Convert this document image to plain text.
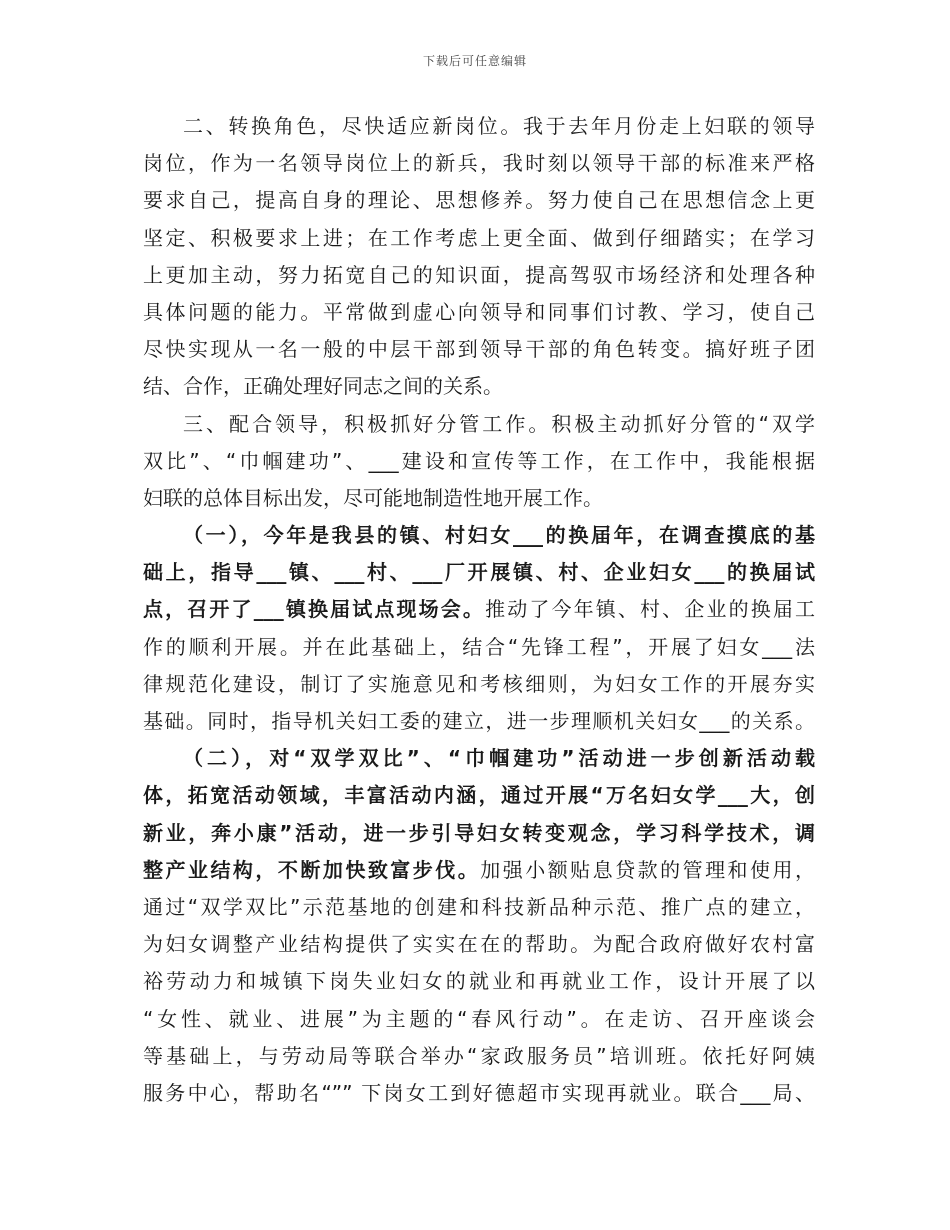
下载后可任意编辑
二、转换角色，尽快适应新岗位。我于去年月份走上妇联的领导
岗位，作为一名领导岗位上的新兵，我时刻以领导干部的标准来严格
要求自己，提高自身的理论、思想修养。努力使自己在思想信念上更
坚定、积极要求上进；在工作考虑上更全面、做到仔细踏实；在学习
上更加主动，努力拓宽自己的知识面，提高驾驭市场经济和处理各种
具体问题的能力。平常做到虚心向领导和同事们讨教、学习，使自己
尽快实现从一名一般的中层干部到领导干部的角色转变。搞好班子团
结、合作，正确处理好同志之间的关系。
三、配合领导，积极抓好分管工作。积极主动抓好分管的“双学
双比”、“巾帼建功”、___建设和宣传等工作，在工作中，我能根据
妇联的总体目标出发，尽可能地制造性地开展工作。
（一），今年是我县的镇、村妇女___的换届年，在调查摸底的基
础上，指导___镇、___村、___厂开展镇、村、企业妇女___的换届试
点，召开了___镇换届试点现场会。推动了今年镇、村、企业的换届工
作的顺利开展。并在此基础上，结合“先锋工程”，开展了妇女___法
律规范化建设，制订了实施意见和考核细则，为妇女工作的开展夯实
基础。同时，指导机关妇工委的建立，进一步理顺机关妇女___的关系。
（二），对“双学双比”、“巾帼建功”活动进一步创新活动载
体，拓宽活动领域，丰富活动内涵，通过开展“万名妇女学___大，创
新业，奔小康”活动，进一步引导妇女转变观念，学习科学技术，调
整产业结构，不断加快致富步伐。加强小额贴息贷款的管理和使用，
通过“双学双比”示范基地的创建和科技新品种示范、推广点的建立，
为妇女调整产业结构提供了实实在在的帮助。为配合政府做好农村富
裕劳动力和城镇下岗失业妇女的就业和再就业工作，设计开展了以
“女性、就业、进展”为主题的“春风行动”。在走访、召开座谈会
等基础上，与劳动局等联合举办“家政服务员”培训班。依托好阿姨
服务中心，帮助名“”” 下岗女工到好德超市实现再就业。联合___局、
